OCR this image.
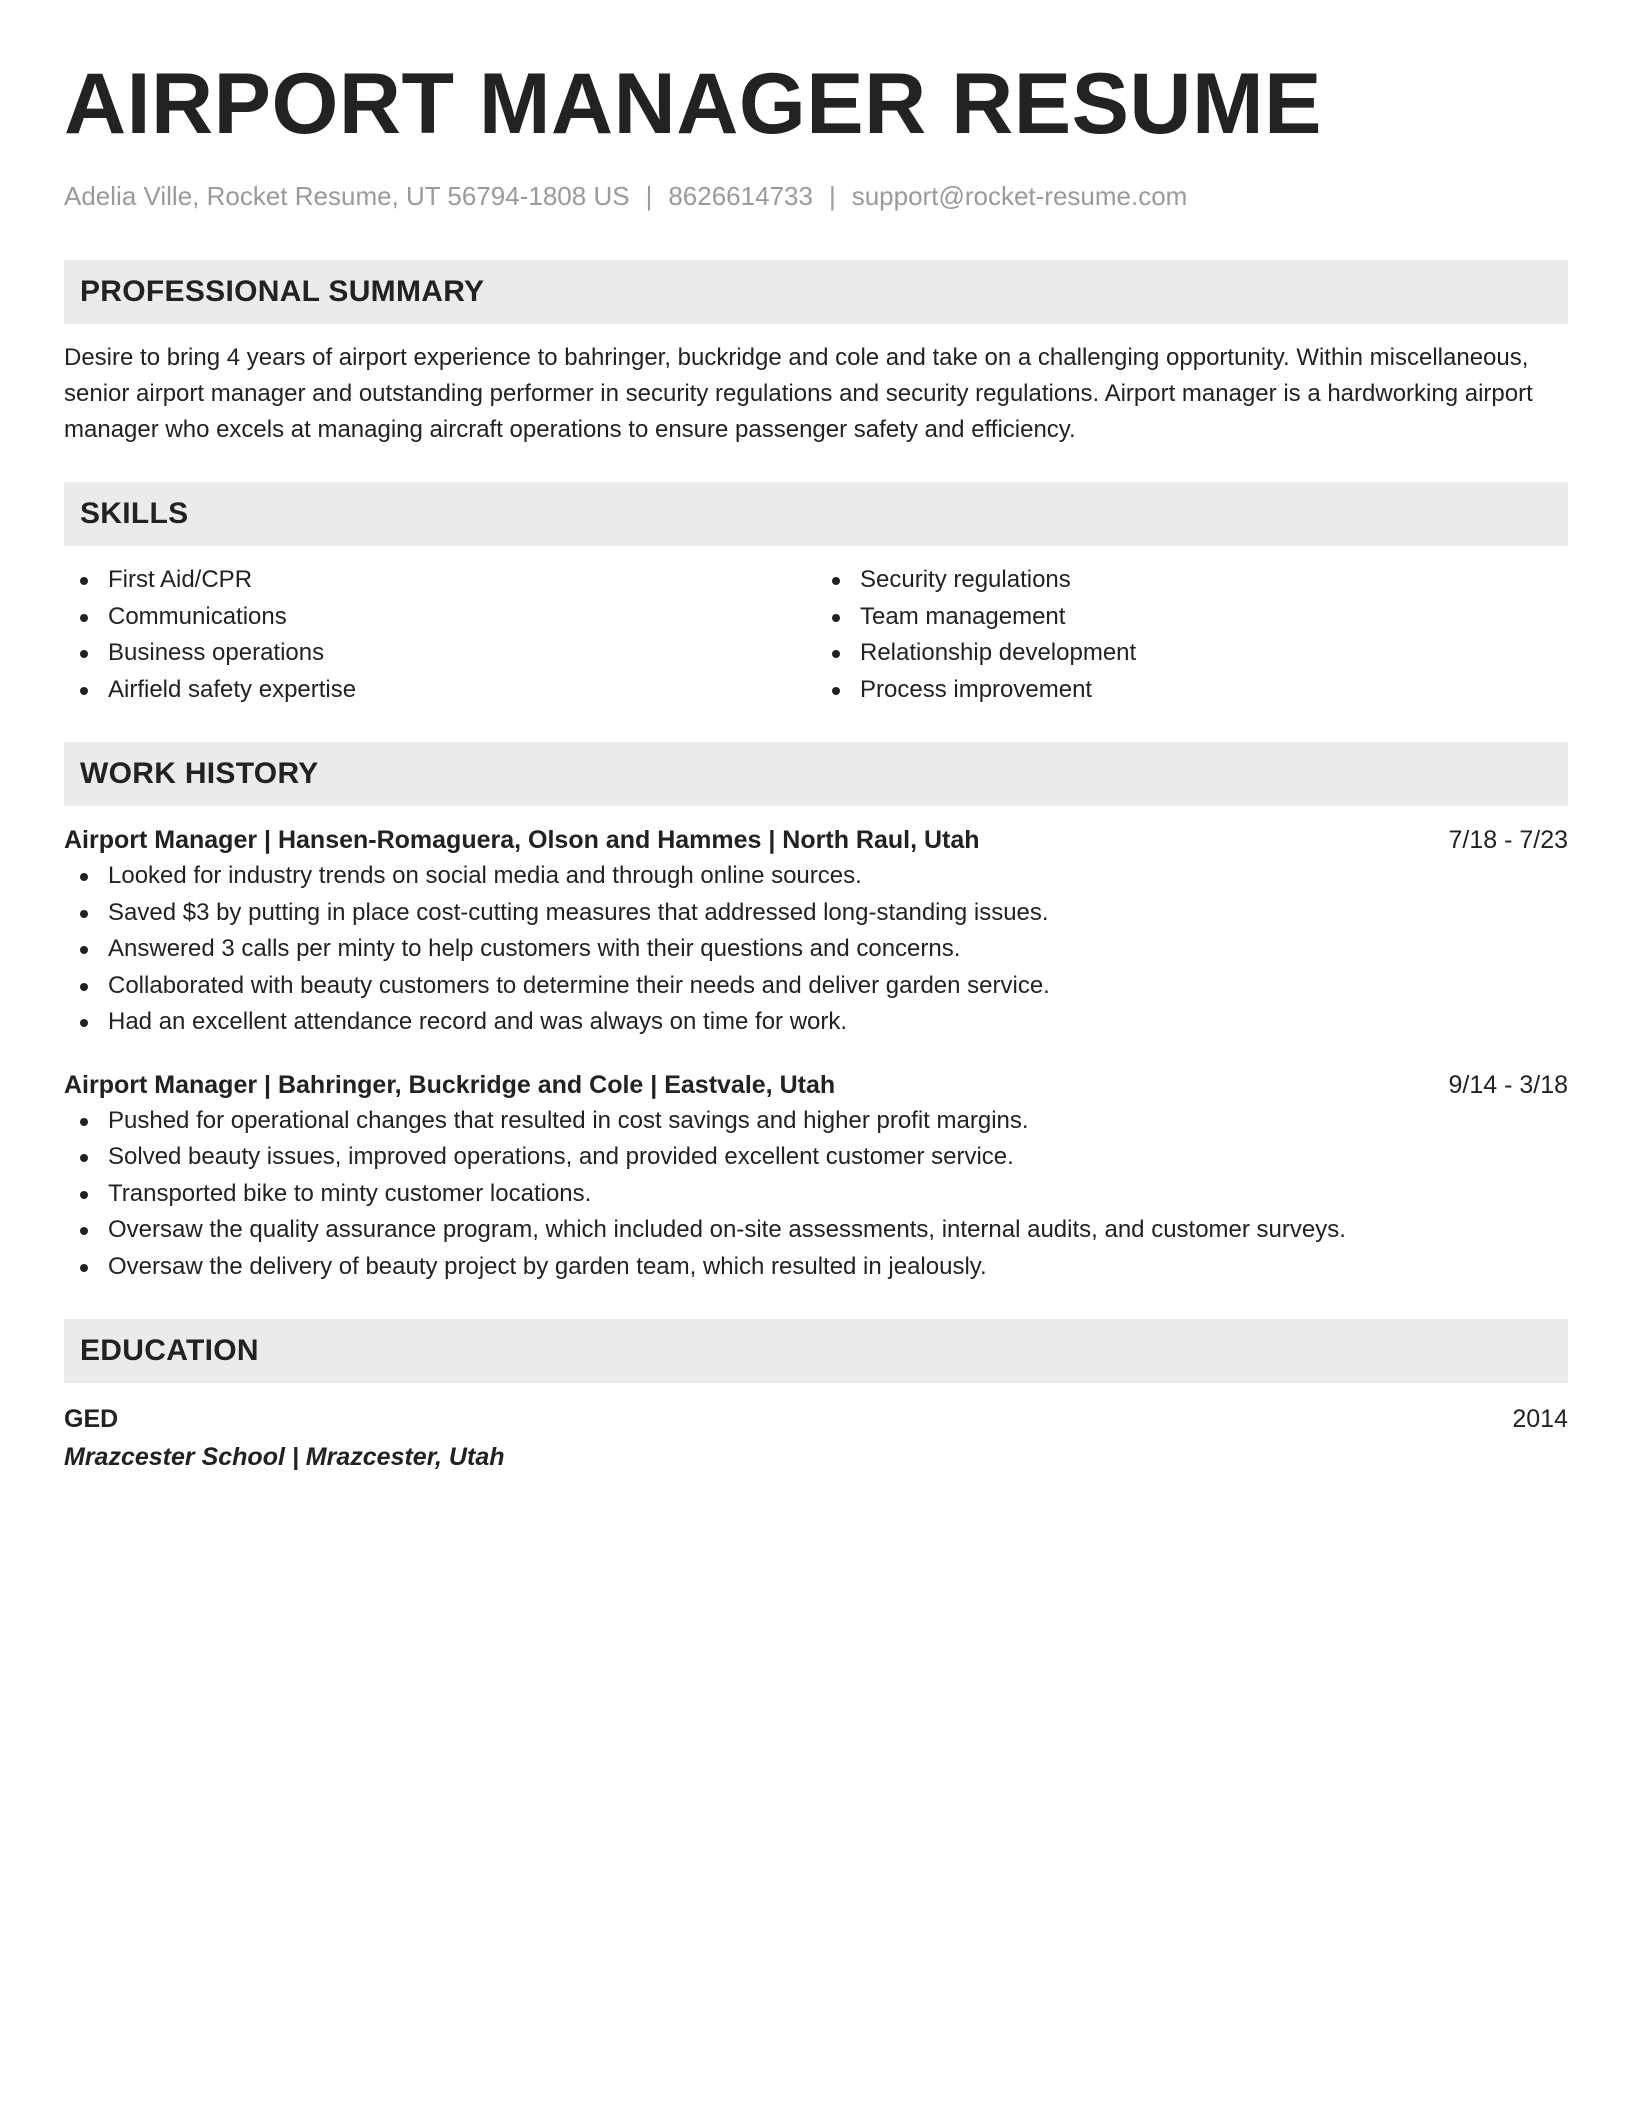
AIRPORT MANAGER RESUME
Adelia Ville, Rocket Resume, UT 56794-1808 US | 8626614733 | support@rocket-resume.com
PROFESSIONAL SUMMARY
Desire to bring 4 years of airport experience to bahringer, buckridge and cole and take on a challenging opportunity. Within miscellaneous, senior airport manager and outstanding performer in security regulations and security regulations. Airport manager is a hardworking airport manager who excels at managing aircraft operations to ensure passenger safety and efficiency.
SKILLS
First Aid/CPR
Communications
Business operations
Airfield safety expertise
Security regulations
Team management
Relationship development
Process improvement
WORK HISTORY
Airport Manager | Hansen-Romaguera, Olson and Hammes | North Raul, Utah	7/18 - 7/23
Looked for industry trends on social media and through online sources.
Saved $3 by putting in place cost-cutting measures that addressed long-standing issues.
Answered 3 calls per minty to help customers with their questions and concerns.
Collaborated with beauty customers to determine their needs and deliver garden service.
Had an excellent attendance record and was always on time for work.
Airport Manager | Bahringer, Buckridge and Cole | Eastvale, Utah	9/14 - 3/18
Pushed for operational changes that resulted in cost savings and higher profit margins.
Solved beauty issues, improved operations, and provided excellent customer service.
Transported bike to minty customer locations.
Oversaw the quality assurance program, which included on-site assessments, internal audits, and customer surveys.
Oversaw the delivery of beauty project by garden team, which resulted in jealously.
EDUCATION
GED	2014
Mrazcester School | Mrazcester, Utah
